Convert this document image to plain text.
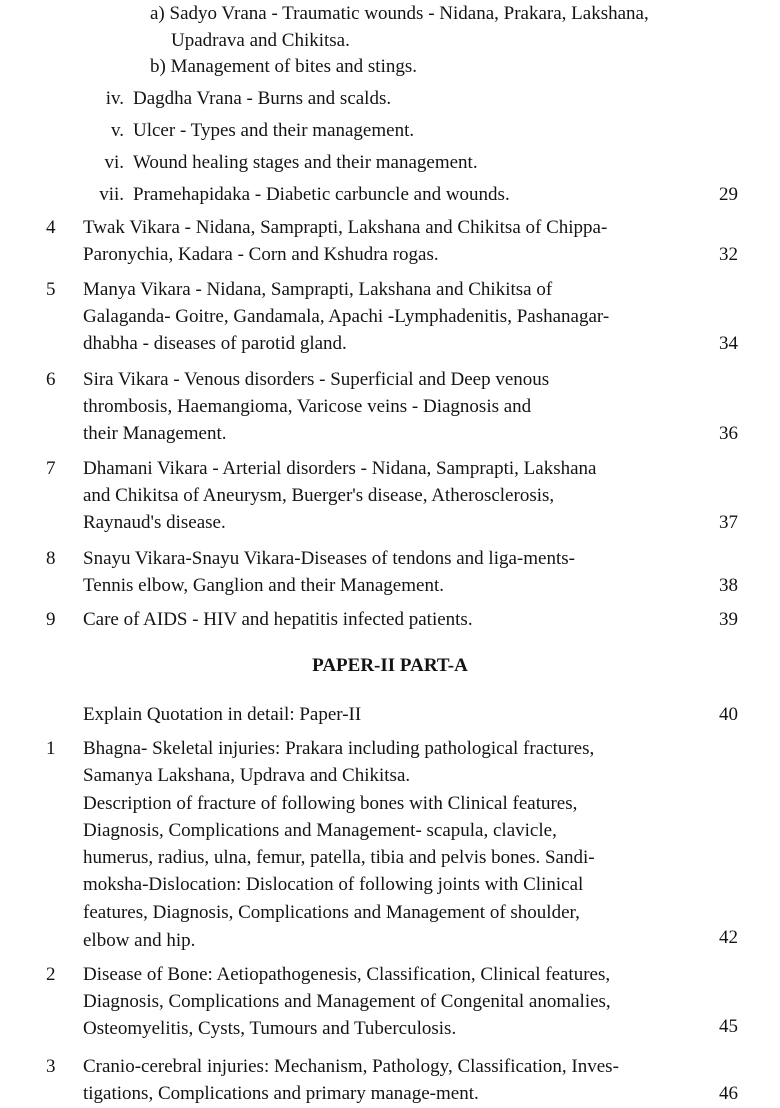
a) Sadyo Vrana - Traumatic wounds - Nidana, Prakara, Lakshana,
Upadrava and Chikitsa.
b) Management of bites and stings.
iv. Dagdha Vrana - Burns and scalds.
v. Ulcer - Types and their management.
vi. Wound healing stages and their management.
vii. Pramehapidaka - Diabetic carbuncle and wounds.	29
4 Twak Vikara - Nidana, Samprapti, Lakshana and Chikitsa of Chippa-
Paronychia, Kadara - Corn and Kshudra rogas.	32
5 Manya Vikara - Nidana, Samprapti, Lakshana and Chikitsa of
Galaganda- Goitre, Gandamala, Apachi -Lymphadenitis, Pashanagar-
dhabha - diseases of parotid gland.	34
6 Sira Vikara - Venous disorders - Superficial and Deep venous
thrombosis, Haemangioma, Varicose veins - Diagnosis and
their Management.	36
7 Dhamani Vikara - Arterial disorders - Nidana, Samprapti, Lakshana
and Chikitsa of Aneurysm, Buerger's disease, Atherosclerosis,
Raynaud's disease.	37
8 Snayu Vikara-Snayu Vikara-Diseases of tendons and liga-ments-
Tennis elbow, Ganglion and their Management.	38
9 Care of AIDS - HIV and hepatitis infected patients.	39
PAPER-II PART-A
Explain Quotation in detail: Paper-II	40
1 Bhagna- Skeletal injuries: Prakara including pathological fractures,
Samanya Lakshana, Updrava and Chikitsa.
Description of fracture of following bones with Clinical features,
Diagnosis, Complications and Management- scapula, clavicle,
humerus, radius, ulna, femur, patella, tibia and pelvis bones. Sandi-
moksha-Dislocation: Dislocation of following joints with Clinical
features, Diagnosis, Complications and Management of shoulder,
elbow and hip.	42
2 Disease of Bone: Aetiopathogenesis, Classification, Clinical features,
Diagnosis, Complications and Management of Congenital anomalies,
Osteomyelitis, Cysts, Tumours and Tuberculosis.	45
3 Cranio-cerebral injuries: Mechanism, Pathology, Classification, Inves-
tigations, Complications and primary manage-ment.	46
